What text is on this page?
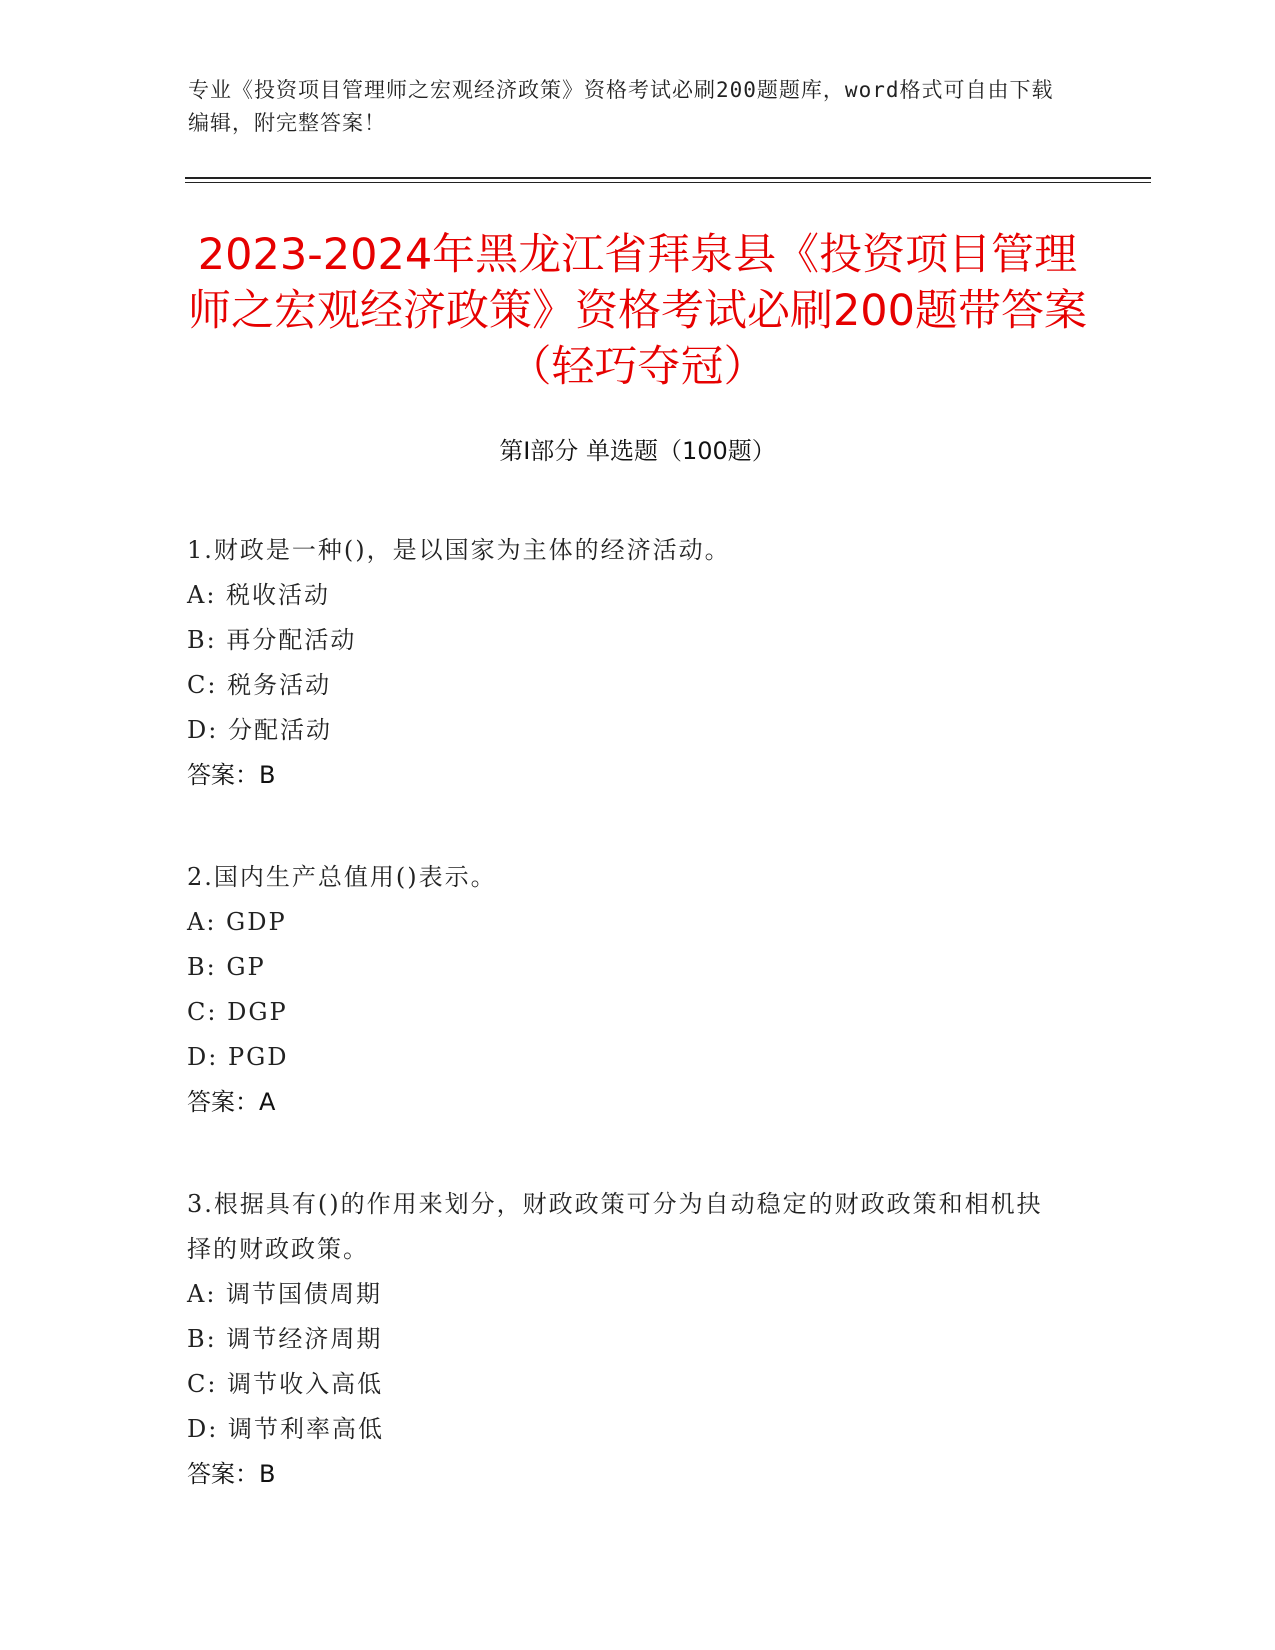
专业《投资项目管理师之宏观经济政策》资格考试必刷200题题库，word格式可自由下载编辑，附完整答案！
2023-2024年黑龙江省拜泉县《投资项目管理师之宏观经济政策》资格考试必刷200题带答案（轻巧夺冠）
第I部分 单选题（100题）
1.财政是一种()，是以国家为主体的经济活动。
A: 税收活动
B: 再分配活动
C: 税务活动
D: 分配活动
答案：B
2.国内生产总值用()表示。
A: GDP
B: GP
C: DGP
D: PGD
答案：A
3.根据具有()的作用来划分，财政政策可分为自动稳定的财政政策和相机抉择的财政政策。
A: 调节国债周期
B: 调节经济周期
C: 调节收入高低
D: 调节利率高低
答案：B
